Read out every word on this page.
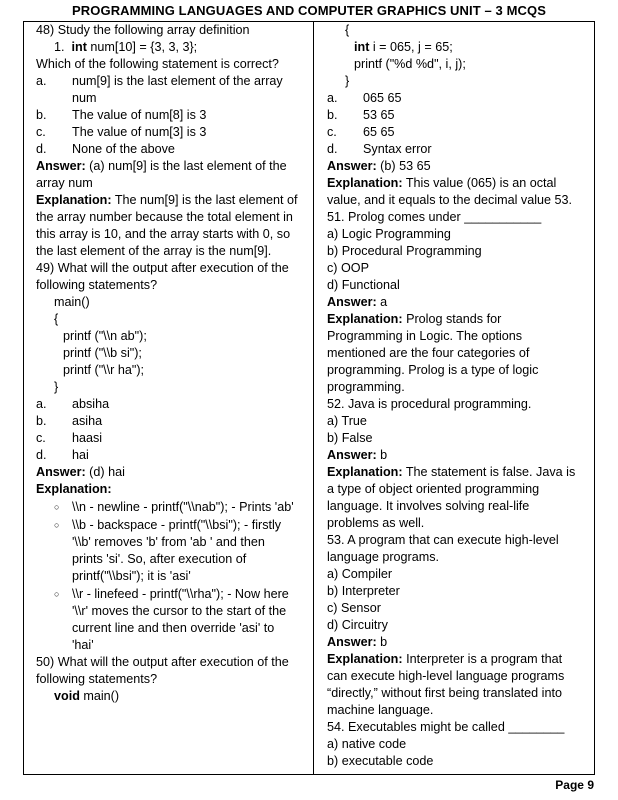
PROGRAMMING LANGUAGES AND COMPUTER GRAPHICS UNIT – 3 MCQS

48) Study the following array definition

1. int num[10] = {3, 3, 3};

Which of the following statement is correct?

a.	num[9] is the last element of the array num
b.	The value of num[8] is 3
c.	The value of num[3] is 3
d.	None of the above

Answer: (a) num[9] is the last element of the array num

Explanation: The num[9] is the last element of the array number because the total element in this array is 10, and the array starts with 0, so the last element of the array is the num[9].

49) What will the output after execution of the following statements?

main()

{

printf ("\\n ab");

printf ("\\b si");

printf ("\\r ha");

}

a.	absiha
b.	asiha
c.	haasi
d.	hai

Answer: (d) hai

Explanation:

○ \\n - newline - printf("\\nab"); - Prints 'ab'
○ \\b - backspace - printf("\\bsi"); - firstly '\\b' removes 'b' from 'ab ' and then prints 'si'. So, after execution of printf("\\bsi"); it is 'asi'
○ \\r - linefeed - printf("\\rha"); - Now here '\\r' moves the cursor to the start of the current line and then override 'asi' to 'hai'

50) What will the output after execution of the following statements?

void main()

{

int i = 065, j = 65;

printf ("%d %d", i, j);

}

a.	065 65
b.	53 65
c.	65 65
d.	Syntax error

Answer: (b) 53 65

Explanation: This value (065) is an octal value, and it equals to the decimal value 53.

51. Prolog comes under ___________

a) Logic Programming

b) Procedural Programming

c) OOP

d) Functional

Answer: a

Explanation: Prolog stands for Programming in Logic. The options mentioned are the four categories of programming. Prolog is a type of logic programming.

52. Java is procedural programming.

a) True

b) False

Answer: b

Explanation: The statement is false. Java is a type of object oriented programming language. It involves solving real-life problems as well.

53. A program that can execute high-level language programs.

a) Compiler

b) Interpreter

c) Sensor

d) Circuitry

Answer: b

Explanation: Interpreter is a program that can execute high-level language programs “directly,” without first being translated into machine language.

54. Executables might be called ________

a) native code

b) executable code

Page 9
